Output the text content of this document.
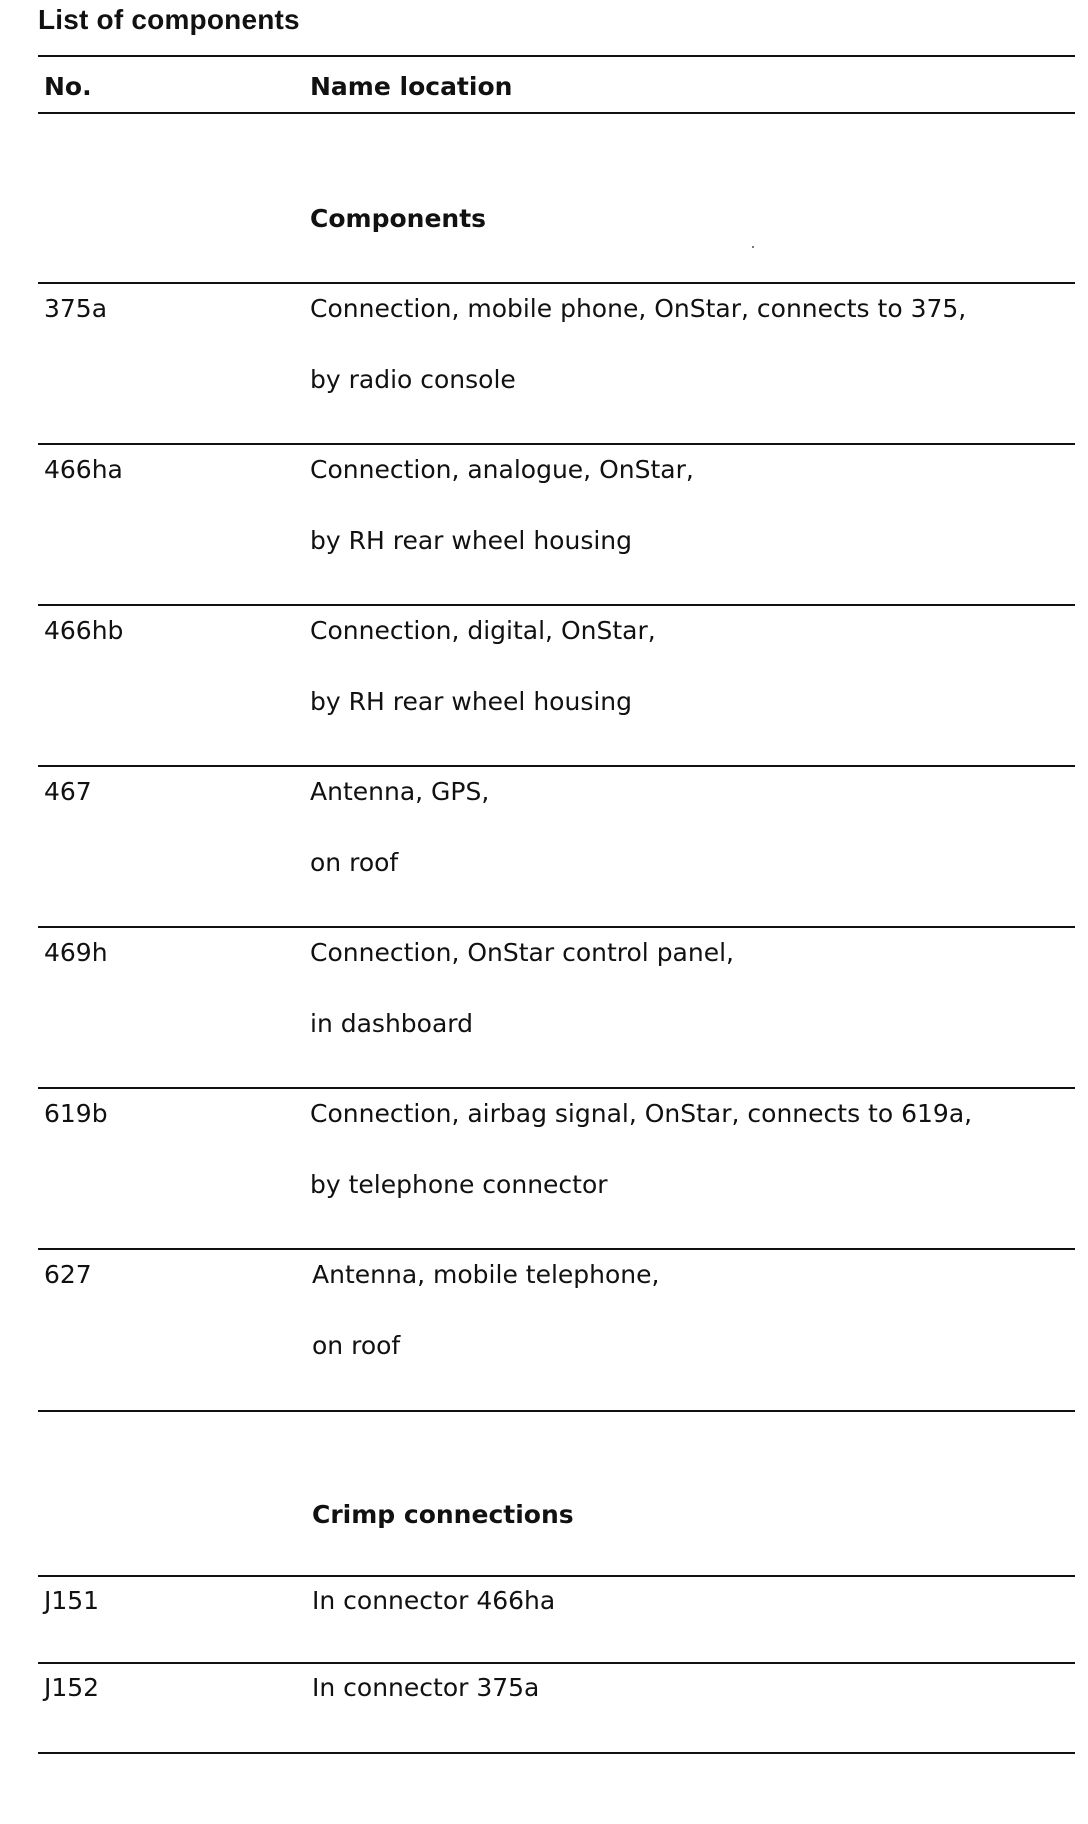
List of components
No.	Name location
Components
375a	Connection, mobile phone, OnStar, connects to 375,
by radio console
466ha	Connection, analogue, OnStar,
by RH rear wheel housing
466hb	Connection, digital, OnStar,
by RH rear wheel housing
467	Antenna, GPS,
on roof
469h	Connection, OnStar control panel,
in dashboard
619b	Connection, airbag signal, OnStar, connects to 619a,
by telephone connector
627	Antenna, mobile telephone,
on roof
Crimp connections
J151	In connector 466ha
J152	In connector 375a
